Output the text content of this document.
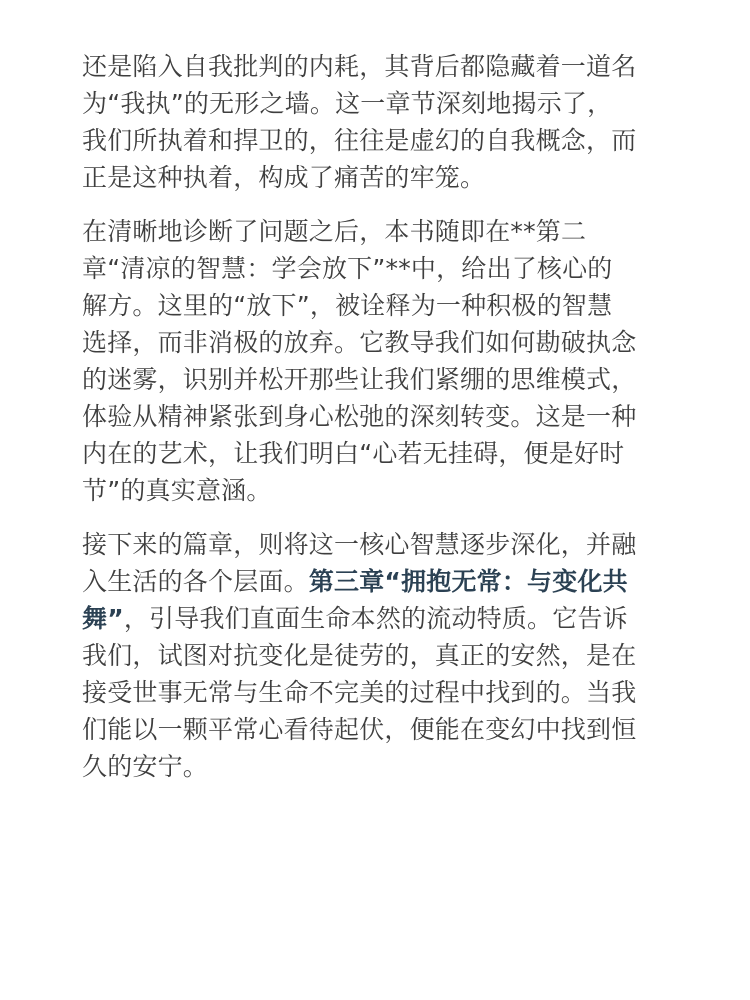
还是陷入自我批判的内耗，其背后都隐藏着一道名
为“我执”的无形之墙。这一章节深刻地揭示了，
我们所执着和捍卫的，往往是虚幻的自我概念，而
正是这种执着，构成了痛苦的牢笼。
在清晰地诊断了问题之后，本书随即在**第二
章“清凉的智慧：学会放下”**中，给出了核心的
解方。这里的“放下”，被诠释为一种积极的智慧
选择，而非消极的放弃。它教导我们如何勘破执念
的迷雾，识别并松开那些让我们紧绷的思维模式，
体验从精神紧张到身心松弛的深刻转变。这是一种
内在的艺术，让我们明白“心若无挂碍，便是好时
节”的真实意涵。
接下来的篇章，则将这一核心智慧逐步深化，并融
入生活的各个层面。第三章“拥抱无常：与变化共
舞”，引导我们直面生命本然的流动特质。它告诉
我们，试图对抗变化是徒劳的，真正的安然，是在
接受世事无常与生命不完美的过程中找到的。当我
们能以一颗平常心看待起伏，便能在变幻中找到恒
久的安宁。
